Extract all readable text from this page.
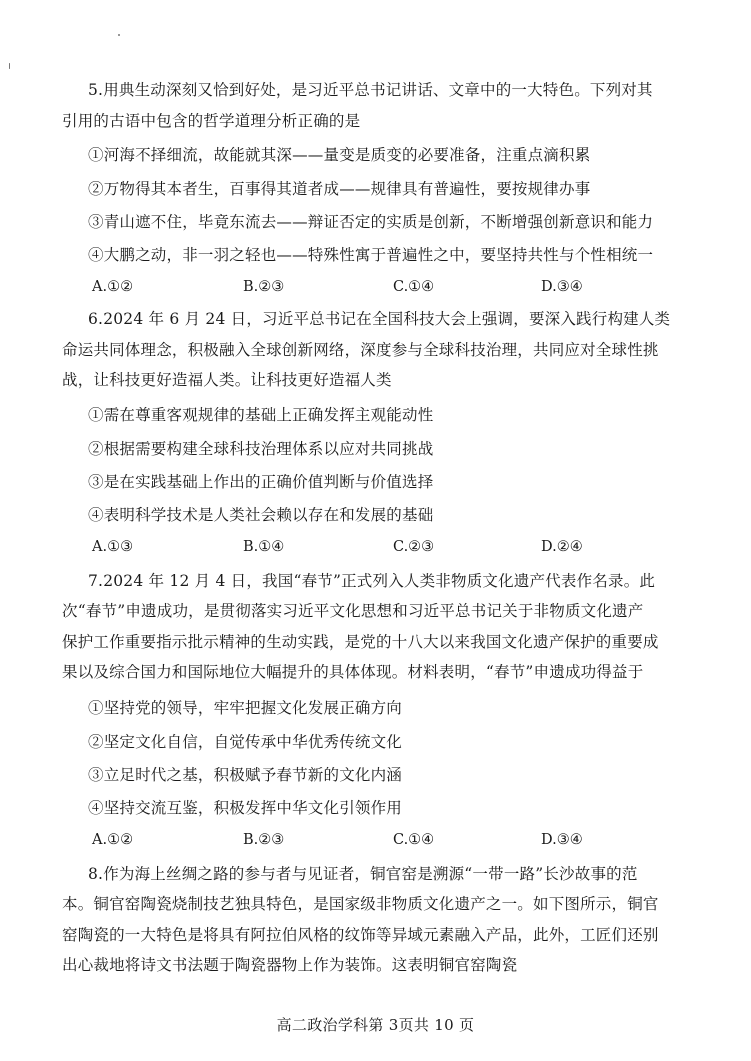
5.用典生动深刻又恰到好处，是习近平总书记讲话、文章中的一大特色。下列对其
引用的古语中包含的哲学道理分析正确的是
①河海不择细流，故能就其深——量变是质变的必要准备，注重点滴积累
②万物得其本者生，百事得其道者成——规律具有普遍性，要按规律办事
③青山遮不住，毕竟东流去——辩证否定的实质是创新，不断增强创新意识和能力
④大鹏之动，非一羽之轻也——特殊性寓于普遍性之中，要坚持共性与个性相统一
A.①②	B.②③	C.①④	D.③④
6.2024 年 6 月 24 日，习近平总书记在全国科技大会上强调，要深入践行构建人类
命运共同体理念，积极融入全球创新网络，深度参与全球科技治理，共同应对全球性挑
战，让科技更好造福人类。让科技更好造福人类
①需在尊重客观规律的基础上正确发挥主观能动性
②根据需要构建全球科技治理体系以应对共同挑战
③是在实践基础上作出的正确价值判断与价值选择
④表明科学技术是人类社会赖以存在和发展的基础
A.①③	B.①④	C.②③	D.②④
7.2024 年 12 月 4 日，我国“春节”正式列入人类非物质文化遗产代表作名录。此
次“春节”申遗成功，是贯彻落实习近平文化思想和习近平总书记关于非物质文化遗产
保护工作重要指示批示精神的生动实践，是党的十八大以来我国文化遗产保护的重要成
果以及综合国力和国际地位大幅提升的具体体现。材料表明，“春节”申遗成功得益于
①坚持党的领导，牢牢把握文化发展正确方向
②坚定文化自信，自觉传承中华优秀传统文化
③立足时代之基，积极赋予春节新的文化内涵
④坚持交流互鉴，积极发挥中华文化引领作用
A.①②	B.②③	C.①④	D.③④
8.作为海上丝绸之路的参与者与见证者，铜官窑是溯源“一带一路”长沙故事的范
本。铜官窑陶瓷烧制技艺独具特色，是国家级非物质文化遗产之一。如下图所示，铜官
窑陶瓷的一大特色是将具有阿拉伯风格的纹饰等异域元素融入产品，此外，工匠们还别
出心裁地将诗文书法题于陶瓷器物上作为装饰。这表明铜官窑陶瓷
高二政治学科第 3页共 10 页
